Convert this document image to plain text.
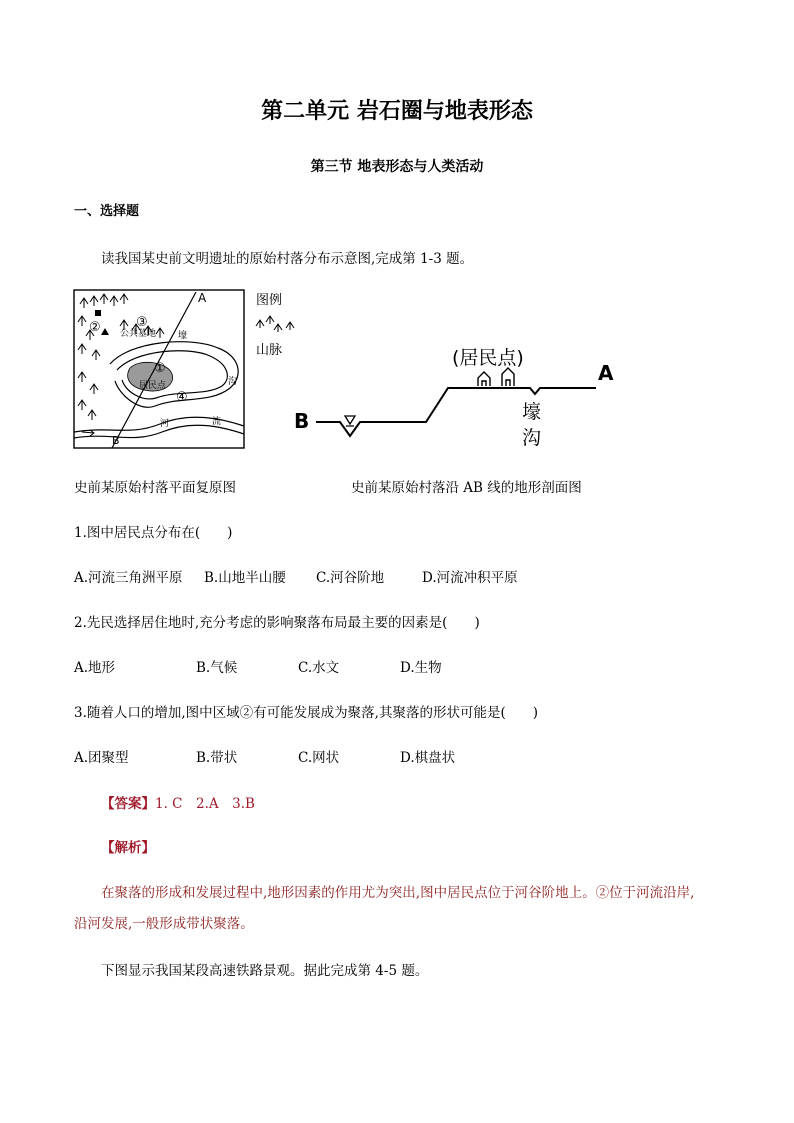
第二单元 岩石圈与地表形态
第三节 地表形态与人类活动
一、选择题
读我国某史前文明遗址的原始村落分布示意图,完成第 1-3 题。
A
B
②	③
①
④
公共墓地
居民点
壕
沟
河	流
图例
山脉
B
(居民点)
A
壕
沟
史前某原始村落平面复原图	史前某原始村落沿 AB 线的地形剖面图
1.图中居民点分布在(　　)
A.河流三角洲平原 B.山地半山腰 C.河谷阶地	D.河流冲积平原
2.先民选择居住地时,充分考虑的影响聚落布局最主要的因素是(　　)
A.地形	B.气候	C.水文	D.生物
3.随着人口的增加,图中区域②有可能发展成为聚落,其聚落的形状可能是(　　)
A.团聚型	B.带状	C.网状	D.棋盘状
【答案】1. C　2.A　3.B
【解析】
在聚落的形成和发展过程中,地形因素的作用尤为突出,图中居民点位于河谷阶地上。②位于河流沿岸,
沿河发展,一般形成带状聚落。
下图显示我国某段高速铁路景观。据此完成第 4-5 题。
